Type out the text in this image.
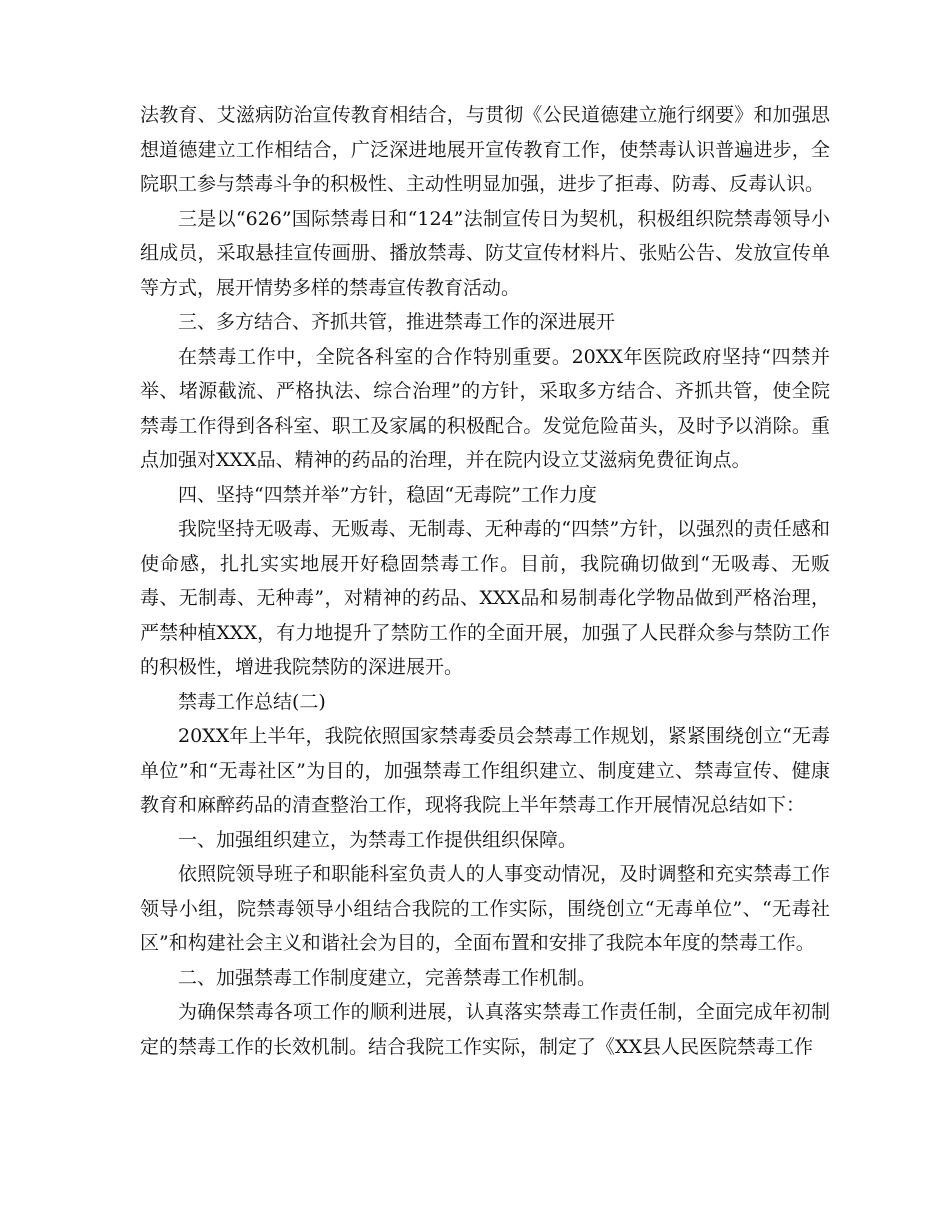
法教育、艾滋病防治宣传教育相结合，与贯彻《公民道德建立施行纲要》和加强思想道德建立工作相结合，广泛深进地展开宣传教育工作，使禁毒认识普遍进步，全院职工参与禁毒斗争的积极性、主动性明显加强，进步了拒毒、防毒、反毒认识。

三是以“626”国际禁毒日和“124”法制宣传日为契机，积极组织院禁毒领导小组成员，采取悬挂宣传画册、播放禁毒、防艾宣传材料片、张贴公告、发放宣传单等方式，展开情势多样的禁毒宣传教育活动。

三、多方结合、齐抓共管，推进禁毒工作的深进展开

在禁毒工作中，全院各科室的合作特别重要。20XX年医院政府坚持“四禁并举、堵源截流、严格执法、综合治理”的方针，采取多方结合、齐抓共管，使全院禁毒工作得到各科室、职工及家属的积极配合。发觉危险苗头，及时予以消除。重点加强对XXX品、精神的药品的治理，并在院内设立艾滋病免费征询点。

四、坚持“四禁并举”方针，稳固“无毒院”工作力度

我院坚持无吸毒、无贩毒、无制毒、无种毒的“四禁”方针，以强烈的责任感和使命感，扎扎实实地展开好稳固禁毒工作。目前，我院确切做到“无吸毒、无贩毒、无制毒、无种毒”，对精神的药品、XXX品和易制毒化学物品做到严格治理，严禁种植XXX，有力地提升了禁防工作的全面开展，加强了人民群众参与禁防工作的积极性，增进我院禁防的深进展开。

禁毒工作总结(二)

20XX年上半年，我院依照国家禁毒委员会禁毒工作规划，紧紧围绕创立“无毒单位”和“无毒社区”为目的，加强禁毒工作组织建立、制度建立、禁毒宣传、健康教育和麻醉药品的清查整治工作，现将我院上半年禁毒工作开展情况总结如下：

一、加强组织建立，为禁毒工作提供组织保障。

依照院领导班子和职能科室负责人的人事变动情况，及时调整和充实禁毒工作领导小组，院禁毒领导小组结合我院的工作实际，围绕创立“无毒单位”、“无毒社区”和构建社会主义和谐社会为目的，全面布置和安排了我院本年度的禁毒工作。

二、加强禁毒工作制度建立，完善禁毒工作机制。

为确保禁毒各项工作的顺利进展，认真落实禁毒工作责任制，全面完成年初制定的禁毒工作的长效机制。结合我院工作实际，制定了《XX县人民医院禁毒工作
